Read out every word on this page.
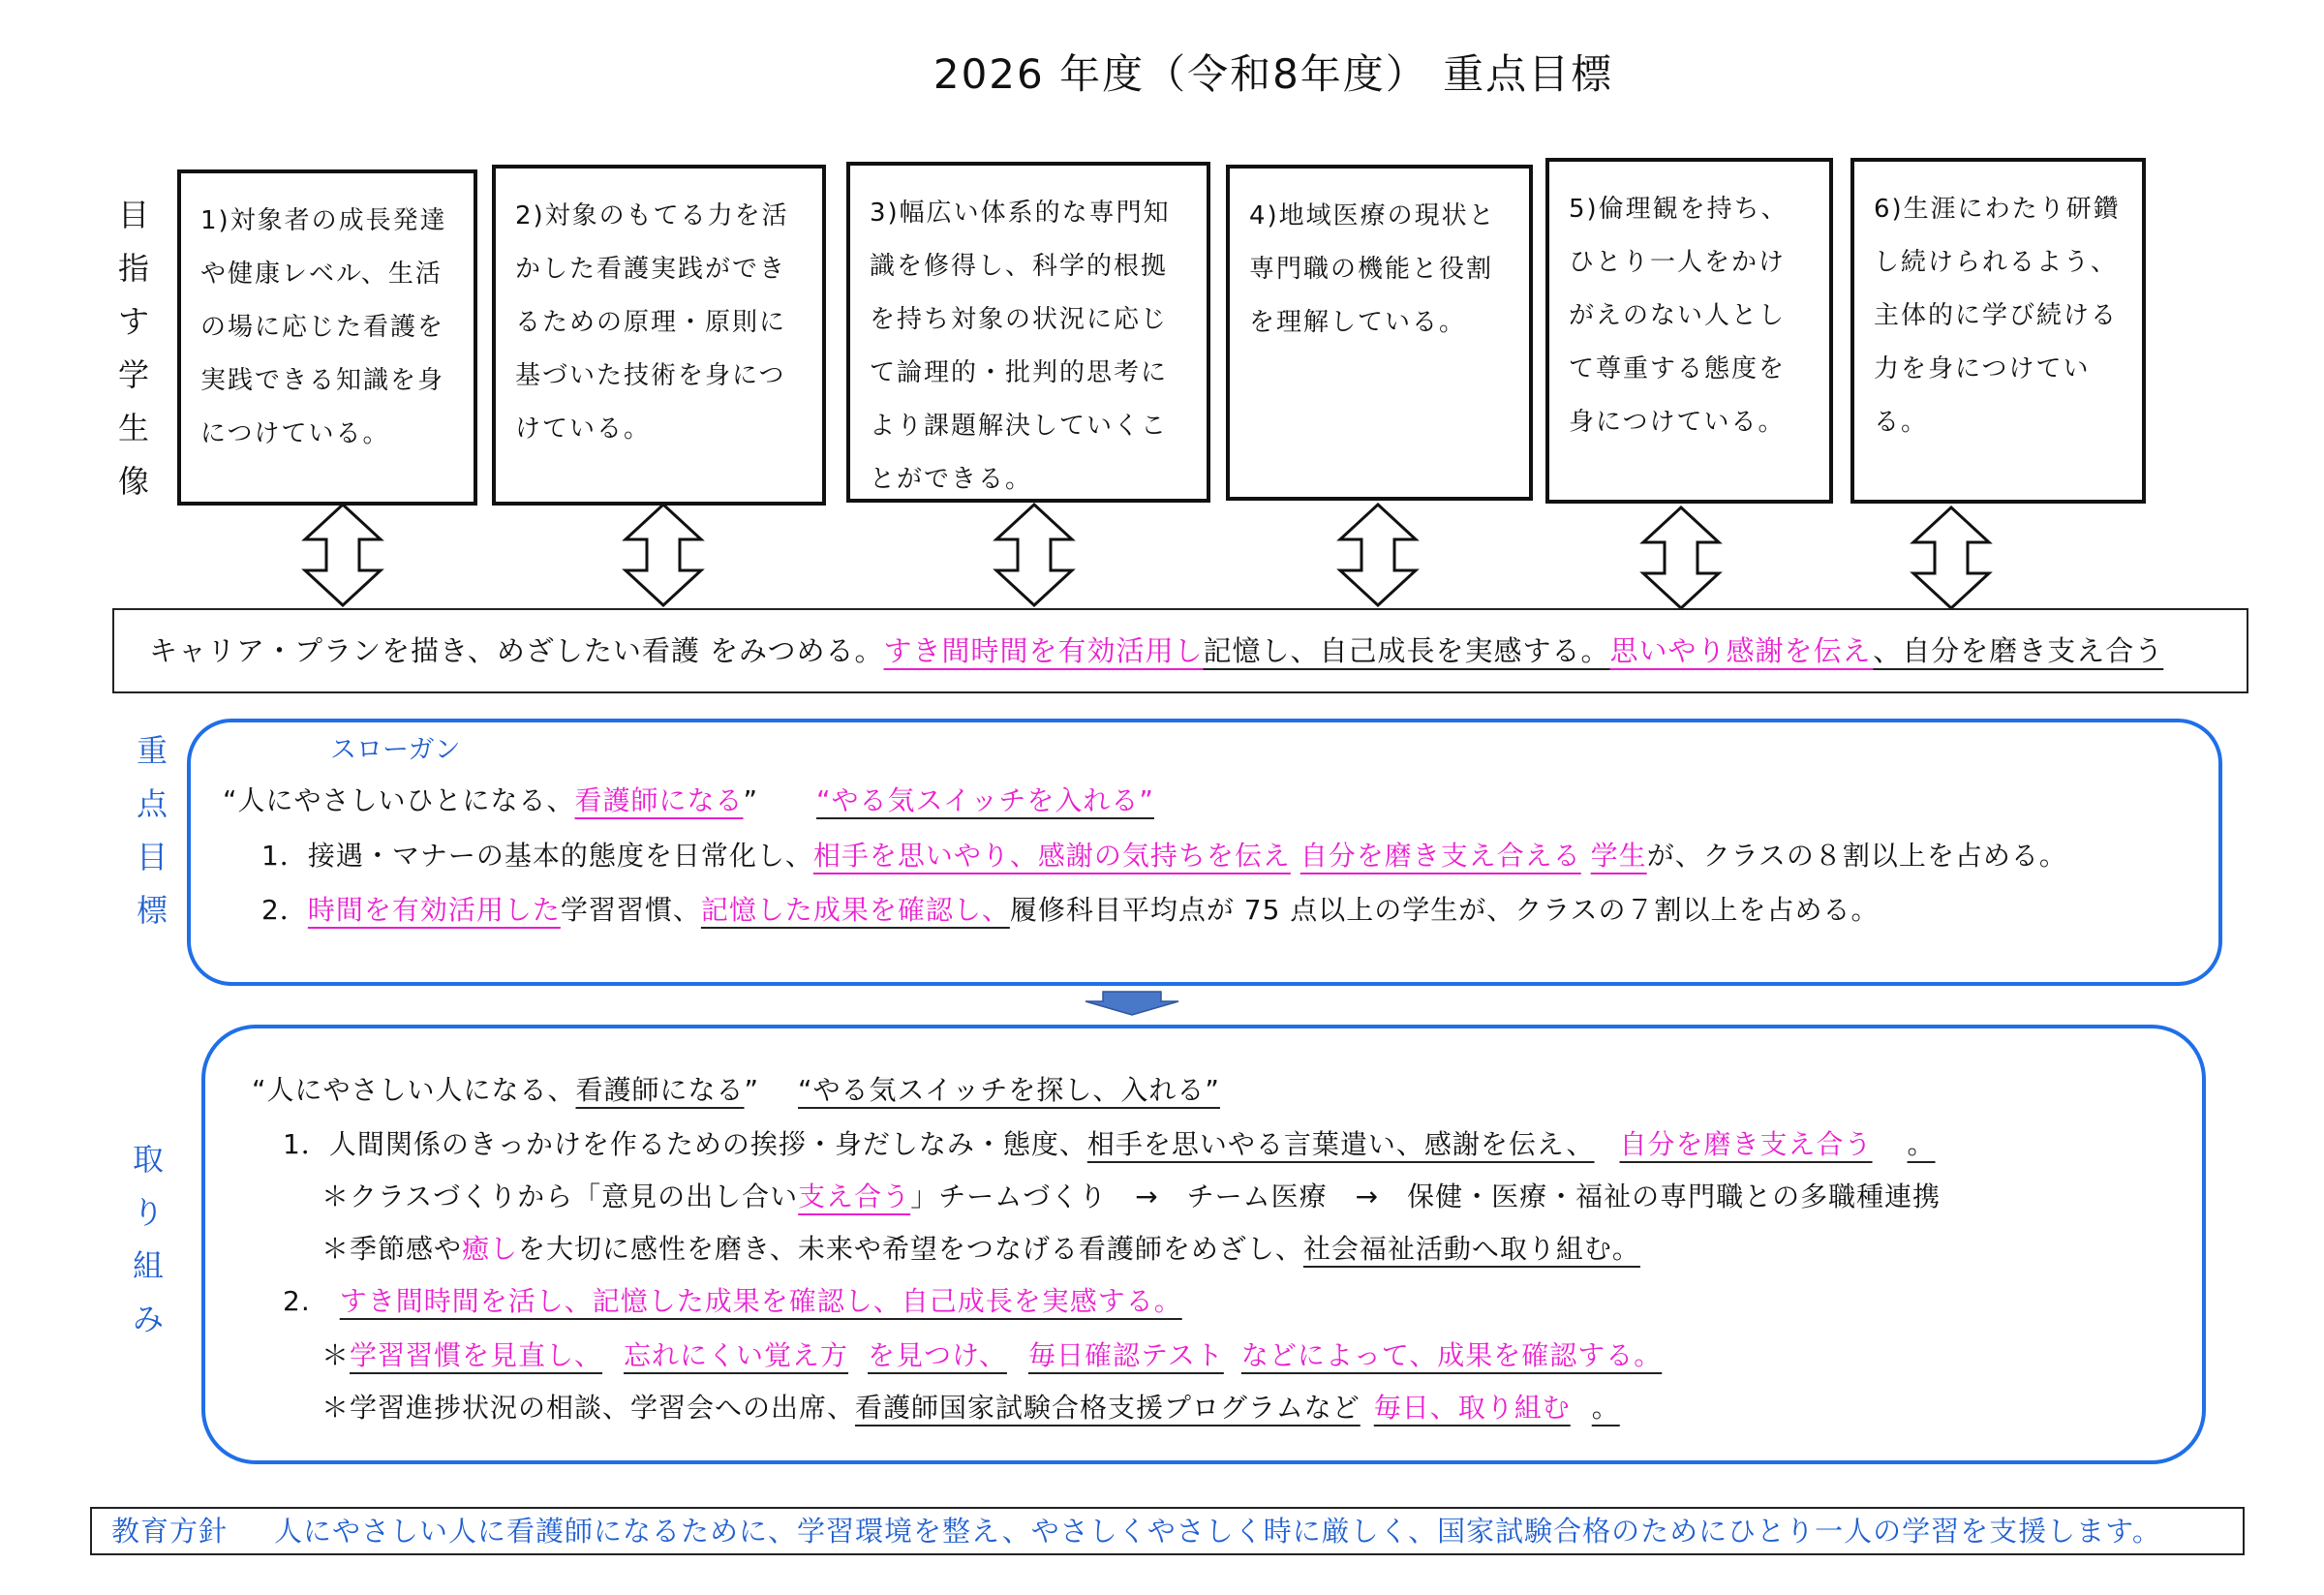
2026 年度（令和8年度） 重点目標
目
指
す
学
生
像
1)対象者の成長発達や健康レベル、生活の場に応じた看護を実践できる知識を身につけている。
2)対象のもてる力を活かした看護実践ができるための原理・原則に基づいた技術を身につけている。
3)幅広い体系的な専門知識を修得し、科学的根拠を持ち対象の状況に応じて論理的・批判的思考により課題解決していくことができる。
4)地域医療の現状と専門職の機能と役割を理解している。
5)倫理観を持ち、ひとり一人をかけがえのない人として尊重する態度を身につけている。
6)生涯にわたり研鑽し続けられるよう、主体的に学び続ける力を身につけている。
キャリア・プランを描き、めざしたい看護 をみつめる。すき間時間を有効活用し記憶し、自己成長を実感する。思いやり感謝を伝え、自分を磨き支え合う
重
点
目
標
スローガン
“人にやさしいひとになる、看護師になる” “やる気スイッチを入れる”
1．接遇・マナーの基本的態度を日常化し、相手を思いやり、感謝の気持ちを伝え 自分を磨き支え合える 学生が、クラスの８割以上を占める。
2．時間を有効活用した学習習慣、記憶した成果を確認し、履修科目平均点が 75 点以上の学生が、クラスの７割以上を占める。
取
り
組
み
“人にやさしい人になる、看護師になる” “やる気スイッチを探し、入れる”
1．人間関係のきっかけを作るための挨拶・身だしなみ・態度、相手を思いやる言葉遣い、感謝を伝え、 自分を磨き支え合う 。
＊クラスづくりから「意見の出し合い支え合う」チームづくり　→　チーム医療　→　保健・医療・福祉の専門職との多職種連携
＊季節感や癒しを大切に感性を磨き、未来や希望をつなげる看護師をめざし、社会福祉活動へ取り組む。
2. すき間時間を活し、記憶した成果を確認し、自己成長を実感する。
＊学習習慣を見直し、 忘れにくい覚え方 を見つけ、 毎日確認テスト などによって、成果を確認する。
＊学習進捗状況の相談、学習会への出席、看護師国家試験合格支援プログラムなど 毎日、取り組む 。
教育方針 人にやさしい人に看護師になるために、学習環境を整え、やさしくやさしく時に厳しく、国家試験合格のためにひとり一人の学習を支援します。
